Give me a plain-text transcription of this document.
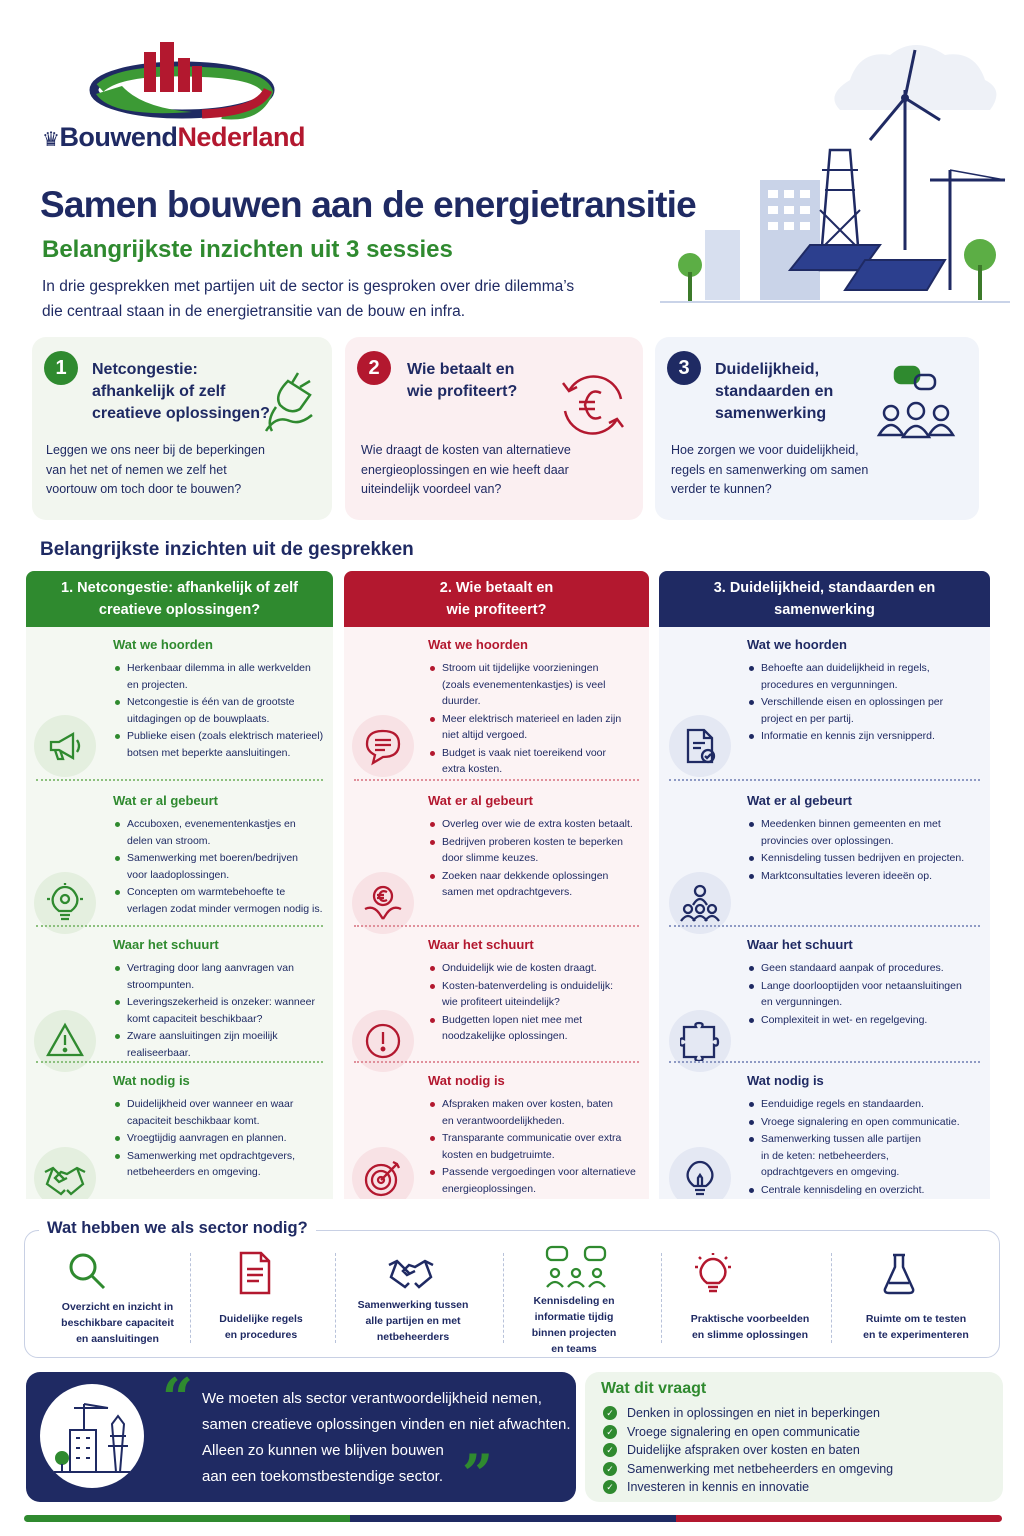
♛BouwendNederland
Samen bouwen aan de energietransitie
Belangrijkste inzichten uit 3 sessies
In drie gesprekken met partijen uit de sector is gesproken over drie dilemma’s
die centraal staan in de energietransitie van de bouw en infra.
1	Netcongestie:
afhankelijk of zelf
creatieve oplossingen?
Leggen we ons neer bij de beperkingen
van het net of nemen we zelf het
voortouw om toch door te bouwen?
2	Wie betaalt en
wie profiteert?
Wie draagt de kosten van alternatieve
energieoplossingen en wie heeft daar
uiteindelijk voordeel van?
3	Duidelijkheid,
standaarden en
samenwerking
Hoe zorgen we voor duidelijkheid,
regels en samenwerking om samen
verder te kunnen?
Belangrijkste inzichten uit de gesprekken
1. Netcongestie: afhankelijk of zelf
creatieve oplossingen?
Wat we hoorden
Herkenbaar dilemma in alle werkvelden
en projecten.
Netcongestie is één van de grootste
uitdagingen op de bouwplaats.
Publieke eisen (zoals elektrisch materieel)
botsen met beperkte aansluitingen.
Wat er al gebeurt
Accuboxen, evenementenkastjes en
delen van stroom.
Samenwerking met boeren/bedrijven
voor laadoplossingen.
Concepten om warmtebehoefte te
verlagen zodat minder vermogen nodig is.
Waar het schuurt
Vertraging door lang aanvragen van
stroompunten.
Leveringszekerheid is onzeker: wanneer
komt capaciteit beschikbaar?
Zware aansluitingen zijn moeilijk
realiseerbaar.
Wat nodig is
Duidelijkheid over wanneer en waar
capaciteit beschikbaar komt.
Vroegtijdig aanvragen en plannen.
Samenwerking met opdrachtgevers,
netbeheerders en omgeving.
2. Wie betaalt en
wie profiteert?
Wat we hoorden
Stroom uit tijdelijke voorzieningen
(zoals evenementenkastjes) is veel duurder.
Meer elektrisch materieel en laden zijn
niet altijd vergoed.
Budget is vaak niet toereikend voor
extra kosten.
Wat er al gebeurt
Overleg over wie de extra kosten betaalt.
Bedrijven proberen kosten te beperken
door slimme keuzes.
Zoeken naar dekkende oplossingen
samen met opdrachtgevers.
Waar het schuurt
Onduidelijk wie de kosten draagt.
Kosten-batenverdeling is onduidelijk:
wie profiteert uiteindelijk?
Budgetten lopen niet mee met
noodzakelijke oplossingen.
Wat nodig is
Afspraken maken over kosten, baten
en verantwoordelijkheden.
Transparante communicatie over extra
kosten en budgetruimte.
Passende vergoedingen voor alternatieve
energieoplossingen.
3. Duidelijkheid, standaarden en
samenwerking
Wat we hoorden
Behoefte aan duidelijkheid in regels,
procedures en vergunningen.
Verschillende eisen en oplossingen per
project en per partij.
Informatie en kennis zijn versnipperd.
Wat er al gebeurt
Meedenken binnen gemeenten en met
provincies over oplossingen.
Kennisdeling tussen bedrijven en projecten.
Marktconsultaties leveren ideeën op.
Waar het schuurt
Geen standaard aanpak of procedures.
Lange doorlooptijden voor netaansluitingen
en vergunningen.
Complexiteit in wet- en regelgeving.
Wat nodig is
Eenduidige regels en standaarden.
Vroege signalering en open communicatie.
Samenwerking tussen alle partijen
in de keten: netbeheerders,
opdrachtgevers en omgeving.
Centrale kennisdeling en overzicht.
Wat hebben we als sector nodig?
Overzicht en inzicht in
beschikbare capaciteit
en aansluitingen
Duidelijke regels
en procedures
Samenwerking tussen
alle partijen en met
netbeheerders
Kennisdeling en
informatie tijdig
binnen projecten
en teams
Praktische voorbeelden
en slimme oplossingen
Ruimte om te testen
en te experimenteren
“ We moeten als sector verantwoordelijkheid nemen,
samen creatieve oplossingen vinden en niet afwachten.
Alleen zo kunnen we blijven bouwen
aan een toekomstbestendige sector. ”
Wat dit vraagt
✓ Denken in oplossingen en niet in beperkingen
✓ Vroege signalering en open communicatie
✓ Duidelijke afspraken over kosten en baten
✓ Samenwerking met netbeheerders en omgeving
✓ Investeren in kennis en innovatie
